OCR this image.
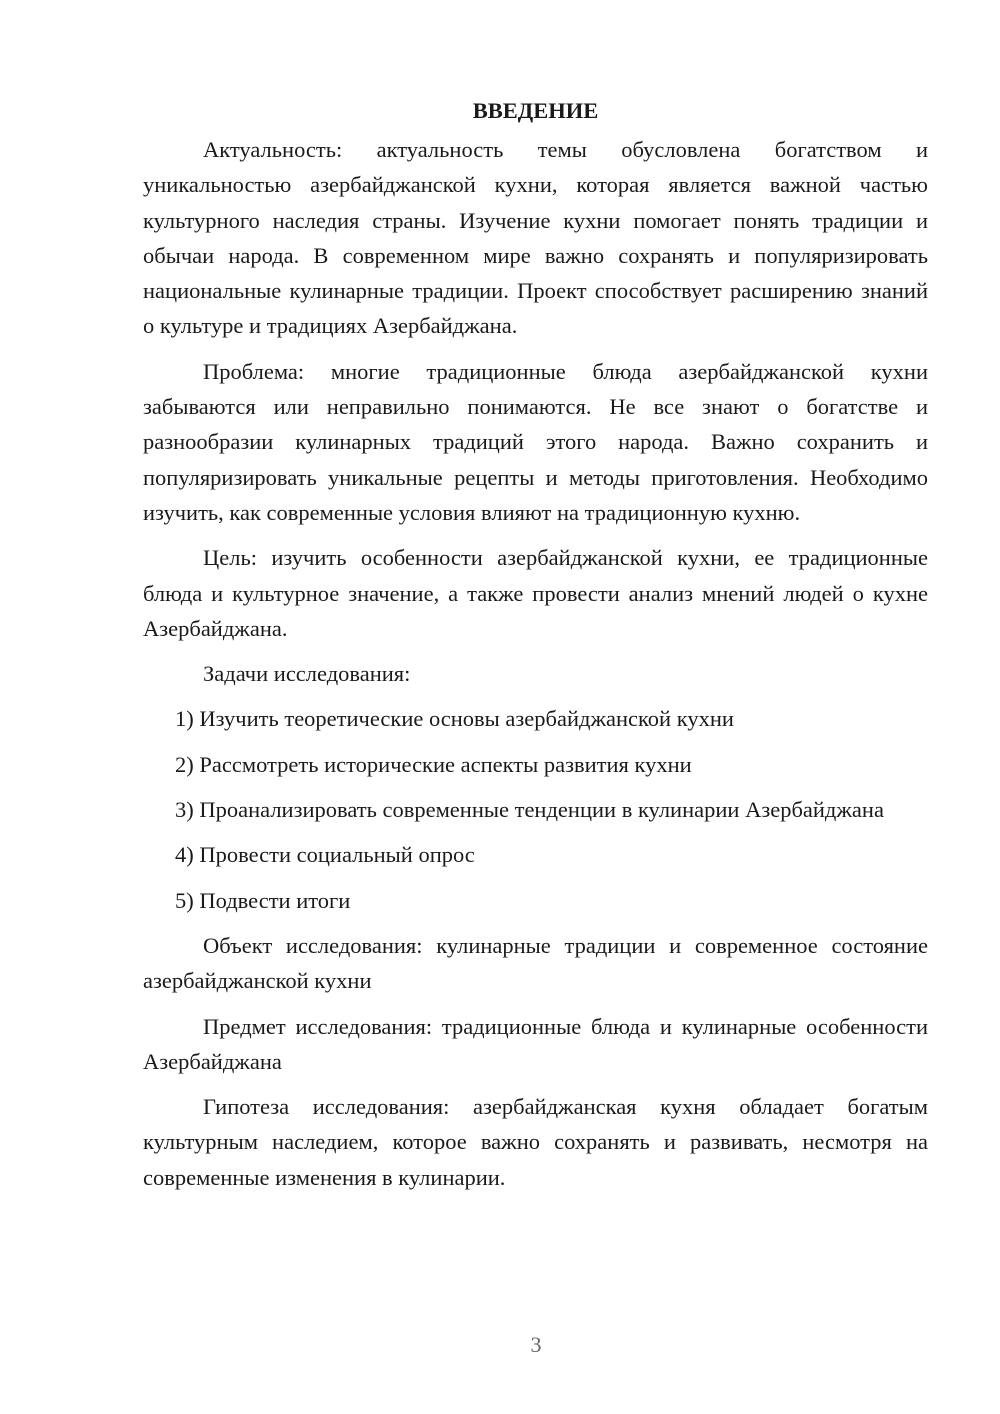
ВВЕДЕНИЕ

Актуальность: актуальность темы обусловлена богатством и уникальностью азербайджанской кухни, которая является важной частью культурного наследия страны. Изучение кухни помогает понять традиции и обычаи народа. В современном мире важно сохранять и популяризировать национальные кулинарные традиции. Проект способствует расширению знаний о культуре и традициях Азербайджана.

Проблема: многие традиционные блюда азербайджанской кухни забываются или неправильно понимаются. Не все знают о богатстве и разнообразии кулинарных традиций этого народа. Важно сохранить и популяризировать уникальные рецепты и методы приготовления. Необходимо изучить, как современные условия влияют на традиционную кухню.

Цель: изучить особенности азербайджанской кухни, ее традиционные блюда и культурное значение, а также провести анализ мнений людей о кухне Азербайджана.

Задачи исследования:

1) Изучить теоретические основы азербайджанской кухни

2) Рассмотреть исторические аспекты развития кухни

3) Проанализировать современные тенденции в кулинарии Азербайджана

4) Провести социальный опрос

5) Подвести итоги

Объект исследования: кулинарные традиции и современное состояние азербайджанской кухни

Предмет исследования: традиционные блюда и кулинарные особенности Азербайджана

Гипотеза исследования: азербайджанская кухня обладает богатым культурным наследием, которое важно сохранять и развивать, несмотря на современные изменения в кулинарии.

3
